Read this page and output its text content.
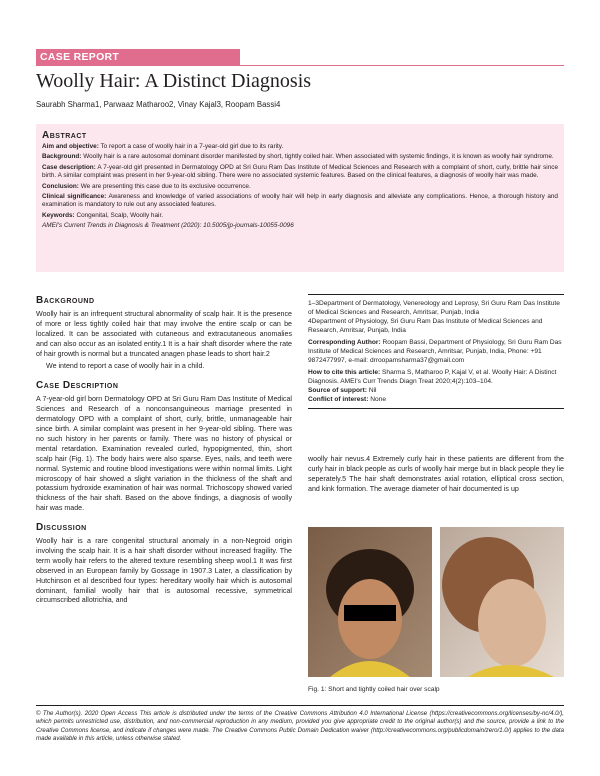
CASE REPORT
Woolly Hair: A Distinct Diagnosis
Saurabh Sharma1, Parwaaz Matharoo2, Vinay Kajal3, Roopam Bassi4
Abstract

Aim and objective: To report a case of woolly hair in a 7-year-old girl due to its rarity.

Background: Woolly hair is a rare autosomal dominant disorder manifested by short, tightly coiled hair. When associated with systemic findings, it is known as woolly hair syndrome.

Case description: A 7-year-old girl presented in Dermatology OPD at Sri Guru Ram Das Institute of Medical Sciences and Research with a complaint of short, curly, brittle hair since birth. A similar complaint was present in her 9-year-old sibling. There were no associated systemic features. Based on the clinical features, a diagnosis of woolly hair was made.

Conclusion: We are presenting this case due to its exclusive occurrence.

Clinical significance: Awareness and knowledge of varied associations of woolly hair will help in early diagnosis and alleviate any complications. Hence, a thorough history and examination is mandatory to rule out any associated features.

Keywords: Congenital, Scalp, Woolly hair.

AMEI's Current Trends in Diagnosis & Treatment (2020): 10.5005/jp-journals-10055-0096

Background

Woolly hair is an infrequent structural abnormality of scalp hair. It is the presence of more or less tightly coiled hair that may involve the entire scalp or can be localized. It can be associated with cutaneous and extracutaneous anomalies and can also occur as an isolated entity.1 It is a hair shaft disorder where the rate of hair growth is normal but a truncated anagen phase leads to short hair.2

We intend to report a case of woolly hair in a child.

Case Description

A 7-year-old girl born Dermatology OPD at Sri Guru Ram Das Institute of Medical Sciences and Research of a nonconsanguineous marriage presented in dermatology OPD with a complaint of short, curly, brittle, unmanageable hair since birth. A similar complaint was present in her 9-year-old sibling. There was no such history in her parents or family. There was no history of physical or mental retardation. Examination revealed curled, hypopigmented, thin, short scalp hair (Fig. 1). The body hairs were also sparse. Eyes, nails, and teeth were normal. Systemic and routine blood investigations were within normal limits. Light microscopy of hair showed a slight variation in the thickness of the shaft and potassium hydroxide examination of hair was normal. Trichoscopy showed varied thickness of the hair shaft. Based on the above findings, a diagnosis of woolly hair was made.

Discussion

Woolly hair is a rare congenital structural anomaly in a non-Negroid origin involving the scalp hair. It is a hair shaft disorder without increased fragility. The term woolly hair refers to the altered texture resembling sheep wool.1 It was first observed in an European family by Gossage in 1907.3 Later, a classification by Hutchinson et al described four types: hereditary woolly hair which is autosomal dominant, familial woolly hair that is autosomal recessive, symmetrical circumscribed allotrichia, and

1–3Department of Dermatology, Venereology and Leprosy, Sri Guru Ram Das Institute of Medical Sciences and Research, Amritsar, Punjab, India
4Department of Physiology, Sri Guru Ram Das Institute of Medical Sciences and Research, Amritsar, Punjab, India
Corresponding Author: Roopam Bassi, Department of Physiology, Sri Guru Ram Das Institute of Medical Sciences and Research, Amritsar, Punjab, India, Phone: +91 9872477997, e-mail: drroopamsharma37@gmail.com
How to cite this article: Sharma S, Matharoo P, Kajal V, et al. Woolly Hair: A Distinct Diagnosis. AMEI's Curr Trends Diagn Treat 2020;4(2):103–104.
Source of support: Nil
Conflict of interest: None
woolly hair nevus.4 Extremely curly hair in these patients are different from the curly hair in black people as curls of woolly hair merge but in black people they lie seperately.5 The hair shaft demonstrates axial rotation, elliptical cross section, and kink formation. The average diameter of hair documented is up
Fig. 1: Short and tightly coiled hair over scalp
© The Author(s). 2020 Open Access This article is distributed under the terms of the Creative Commons Attribution 4.0 International License (https://creativecommons.org/licenses/by-nc/4.0/), which permits unrestricted use, distribution, and non-commercial reproduction in any medium, provided you give appropriate credit to the original author(s) and the source, provide a link to the Creative Commons license, and indicate if changes were made. The Creative Commons Public Domain Dedication waiver (http://creativecommons.org/publicdomain/zero/1.0/) applies to the data made available in this article, unless otherwise stated.
